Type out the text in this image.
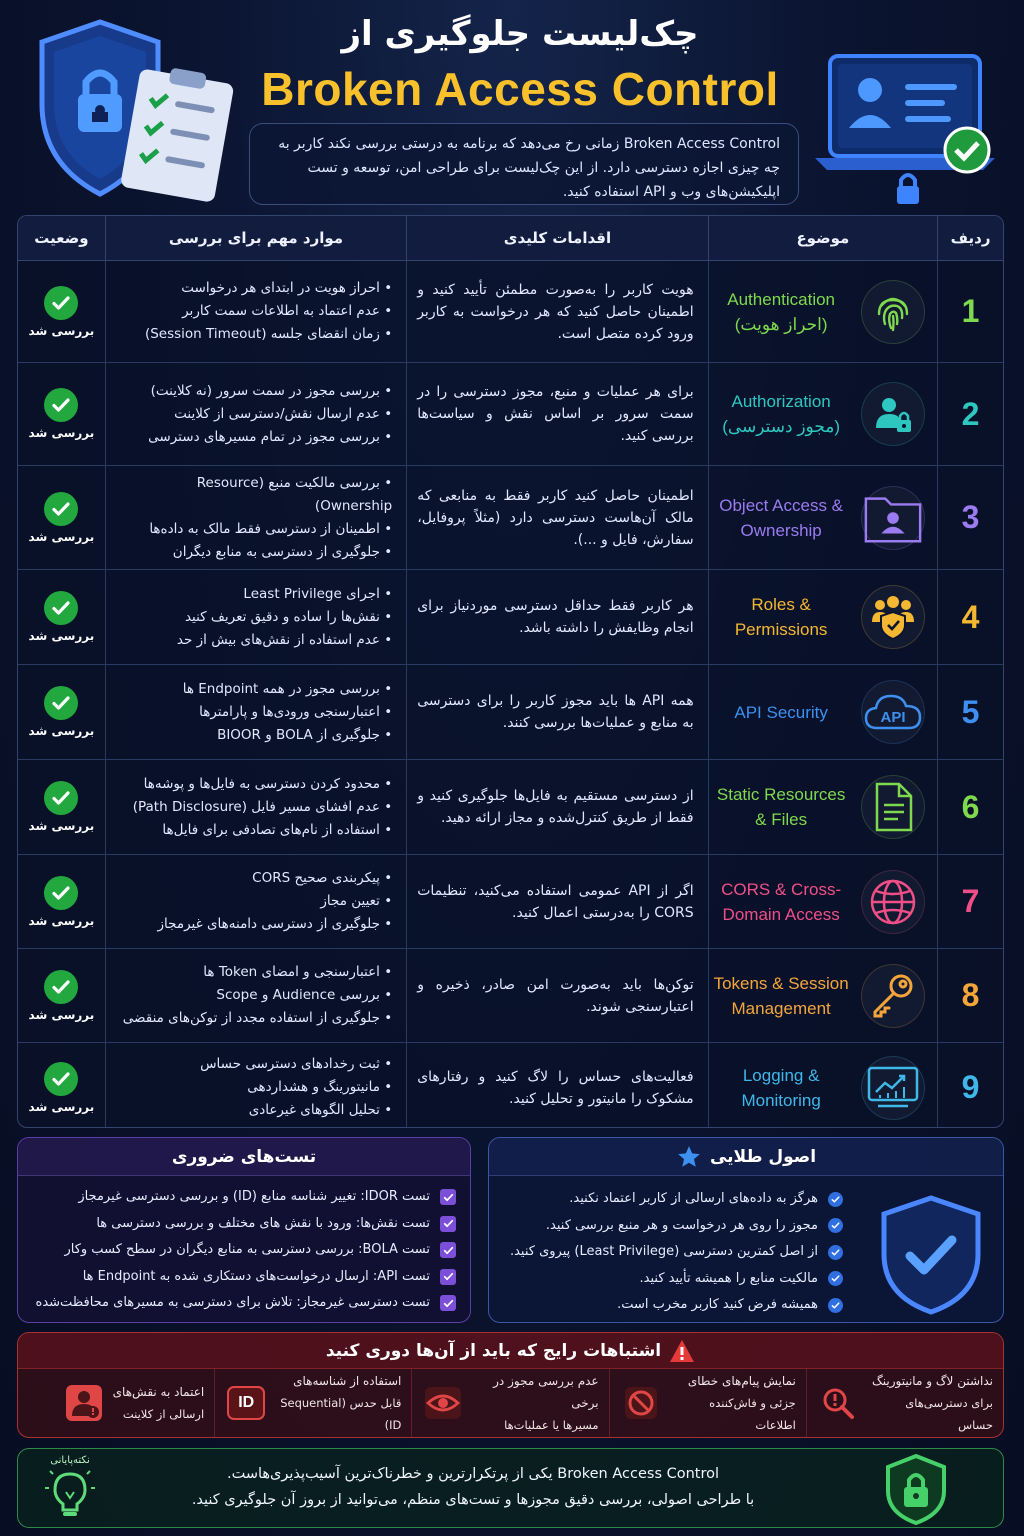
چک‌لیست جلوگیری از
Broken Access Control
Broken Access Control زمانی رخ می‌دهد که برنامه به درستی بررسی نکند کاربر به چه چیزی اجازه دسترسی دارد. از این چک‌لیست برای طراحی امن، توسعه و تست اپلیکیشن‌های وب و API استفاده کنید.
ردیف
موضوع
اقدامات کلیدی
موارد مهم برای بررسی
وضعیت
1
Authentication
(احراز هویت)
هویت کاربر را به‌صورت مطمئن تأیید کنید و اطمینان حاصل کنید که هر درخواست به کاربر ورود کرده متصل است.
• احراز هویت در ابتدای هر درخواست
• عدم اعتماد به اطلاعات سمت کاربر
• زمان انقضای جلسه (Session Timeout)
بررسی شد
2
Authorization
(مجوز دسترسی)
برای هر عملیات و منبع، مجوز دسترسی را در سمت سرور بر اساس نقش و سیاست‌ها بررسی کنید.
• بررسی مجوز در سمت سرور (نه کلاینت)
• عدم ارسال نقش/دسترسی از کلاینت
• بررسی مجوز در تمام مسیرهای دسترسی
بررسی شد
3
Object Access &
Ownership
اطمینان حاصل کنید کاربر فقط به منابعی که مالک آن‌هاست دسترسی دارد (مثلاً پروفایل، سفارش، فایل و ...).
• بررسی مالکیت منبع (Resource Ownership)
• اطمینان از دسترسی فقط مالک به داده‌ها
• جلوگیری از دسترسی به منابع دیگران
بررسی شد
4
Roles &
Permissions
هر کاربر فقط حداقل دسترسی موردنیاز برای انجام وظایفش را داشته باشد.
• اجرای Least Privilege
• نقش‌ها را ساده و دقیق تعریف کنید
• عدم استفاده از نقش‌های بیش از حد
بررسی شد
5
API
API Security
همه API ها باید مجوز کاربر را برای دسترسی به منابع و عملیات‌ها بررسی کنند.
• بررسی مجوز در همه Endpoint ها
• اعتبارسنجی ورودی‌ها و پارامترها
• جلوگیری از BOLA و BIOOR
بررسی شد
6
Static Resources
& Files
از دسترسی مستقیم به فایل‌ها جلوگیری کنید و فقط از طریق کنترل‌شده و مجاز ارائه دهید.
• محدود کردن دسترسی به فایل‌ها و پوشه‌ها
• عدم افشای مسیر فایل (Path Disclosure)
• استفاده از نام‌های تصادفی برای فایل‌ها
بررسی شد
7
CORS & Cross-
Domain Access
اگر از API عمومی استفاده می‌کنید، تنظیمات CORS را به‌درستی اعمال کنید.
• پیکربندی صحیح CORS
• تعیین مجاز
• جلوگیری از دسترسی دامنه‌های غیرمجاز
بررسی شد
8
Tokens & Session
Management
توکن‌ها باید به‌صورت امن صادر، ذخیره و اعتبارسنجی شوند.
• اعتبارسنجی و امضای Token ها
• بررسی Audience و Scope
• جلوگیری از استفاده مجدد از توکن‌های منقضی
بررسی شد
9
Logging &
Monitoring
فعالیت‌های حساس را لاگ کنید و رفتارهای مشکوک را مانیتور و تحلیل کنید.
• ثبت رخدادهای دسترسی حساس
• مانیتورینگ و هشداردهی
• تحلیل الگوهای غیرعادی
بررسی شد
تست‌های ضروری
تست IDOR: تغییر شناسه منابع (ID) و بررسی دسترسی غیرمجاز
تست نقش‌ها: ورود با نقش های مختلف و بررسی دسترسی ها
تست BOLA: بررسی دسترسی به منابع دیگران در سطح کسب وکار
تست API: ارسال درخواست‌های دستکاری شده به Endpoint ها
تست دسترسی غیرمجاز: تلاش برای دسترسی به مسیرهای محافظت‌شده
اصول طلایی
هرگز به داده‌های ارسالی از کاربر اعتماد نکنید.
مجوز را روی هر درخواست و هر منبع بررسی کنید.
از اصل کمترین دسترسی (Least Privilege) پیروی کنید.
مالکیت منابع را همیشه تأیید کنید.
همیشه فرض کنید کاربر مخرب است.
اشتباهات رایج که باید از آن‌ها دوری کنید
نداشتن لاگ و مانیتورینگ
برای دسترسی‌های حساس
نمایش پیام‌های خطای
جزئی و فاش‌کننده اطلاعات
عدم بررسی مجوز در برخی
مسیرها یا عملیات‌ها
استفاده از شناسه‌های
قابل حدس (Sequential ID)
ID
اعتماد به نقش‌های
ارسالی از کلاینت
نکته‌پایانی
Broken Access Control یکی از پرتکرارترین و خطرناک‌ترین آسیب‌پذیری‌هاست.
با طراحی اصولی، بررسی دقیق مجوزها و تست‌های منظم، می‌توانید از بروز آن جلوگیری کنید.
